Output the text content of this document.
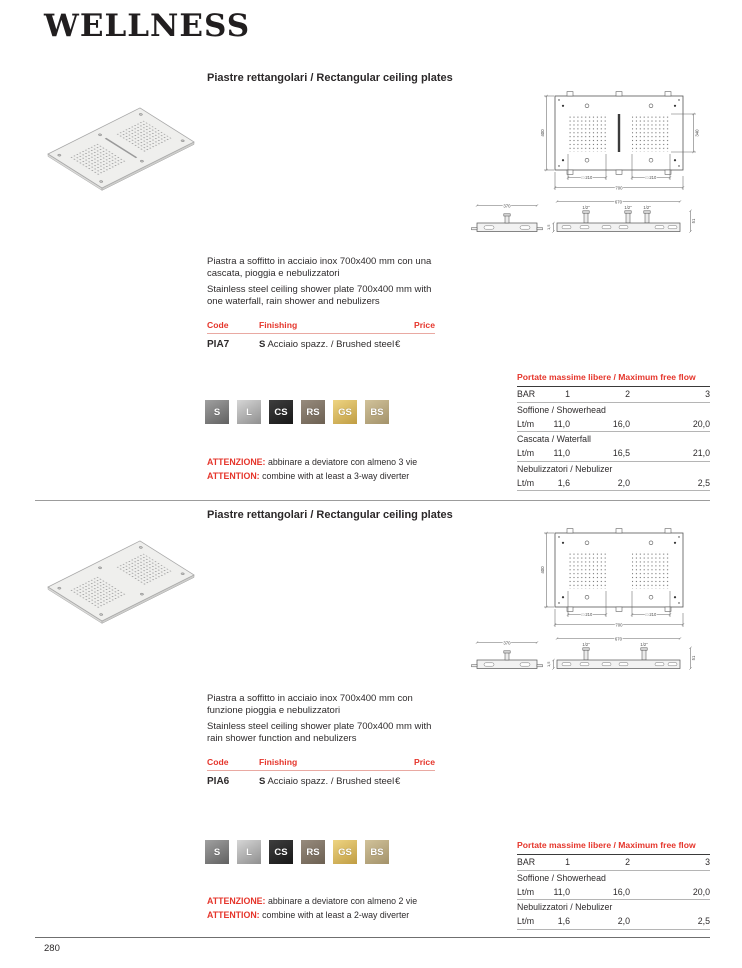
WELLNESS
Piastre rettangolari / Rectangular ceiling plates
400	340
□ 210	□ 210
700
670
1/2"	1/2"	1/2"
51
1,5
370

Piastra a soffitto in acciaio inox 700x400 mm con una cascata, pioggia e nebulizzatori

Stainless steel ceiling shower plate 700x400 mm with one waterfall, rain shower and nebulizers

Code	Finishing	Price
PIA7	S Acciaio spazz. / Brushed steel €
S	L CS RS GS BS
ATTENZIONE: abbinare a deviatore con almeno 3 vie
ATTENTION: combine with at least a 3-way diverter
Portate massime libere / Maximum free flow
BAR	1	2	3
Soffione / Showerhead
Lt/m	11,0	16,0	20,0
Cascata / Waterfall
Lt/m	11,0	16,5	21,0
Nebulizzatori / Nebulizer
Lt/m	1,6	2,0	2,5
Piastre rettangolari / Rectangular ceiling plates
400
□ 210	□ 210
700
670
1/2"	1/2"
51
1,5
370

Piastra a soffitto in acciaio inox 700x400 mm con funzione pioggia e nebulizzatori

Stainless steel ceiling shower plate 700x400 mm with rain shower function and nebulizers

Code	Finishing	Price
PIA6	S Acciaio spazz. / Brushed steel €
S	L CS RS GS BS
ATTENZIONE: abbinare a deviatore con almeno 2 vie
ATTENTION: combine with at least a 2-way diverter
Portate massime libere / Maximum free flow
BAR	1	2	3
Soffione / Showerhead
Lt/m	11,0	16,0	20,0
Nebulizzatori / Nebulizer
Lt/m	1,6	2,0	2,5
280
